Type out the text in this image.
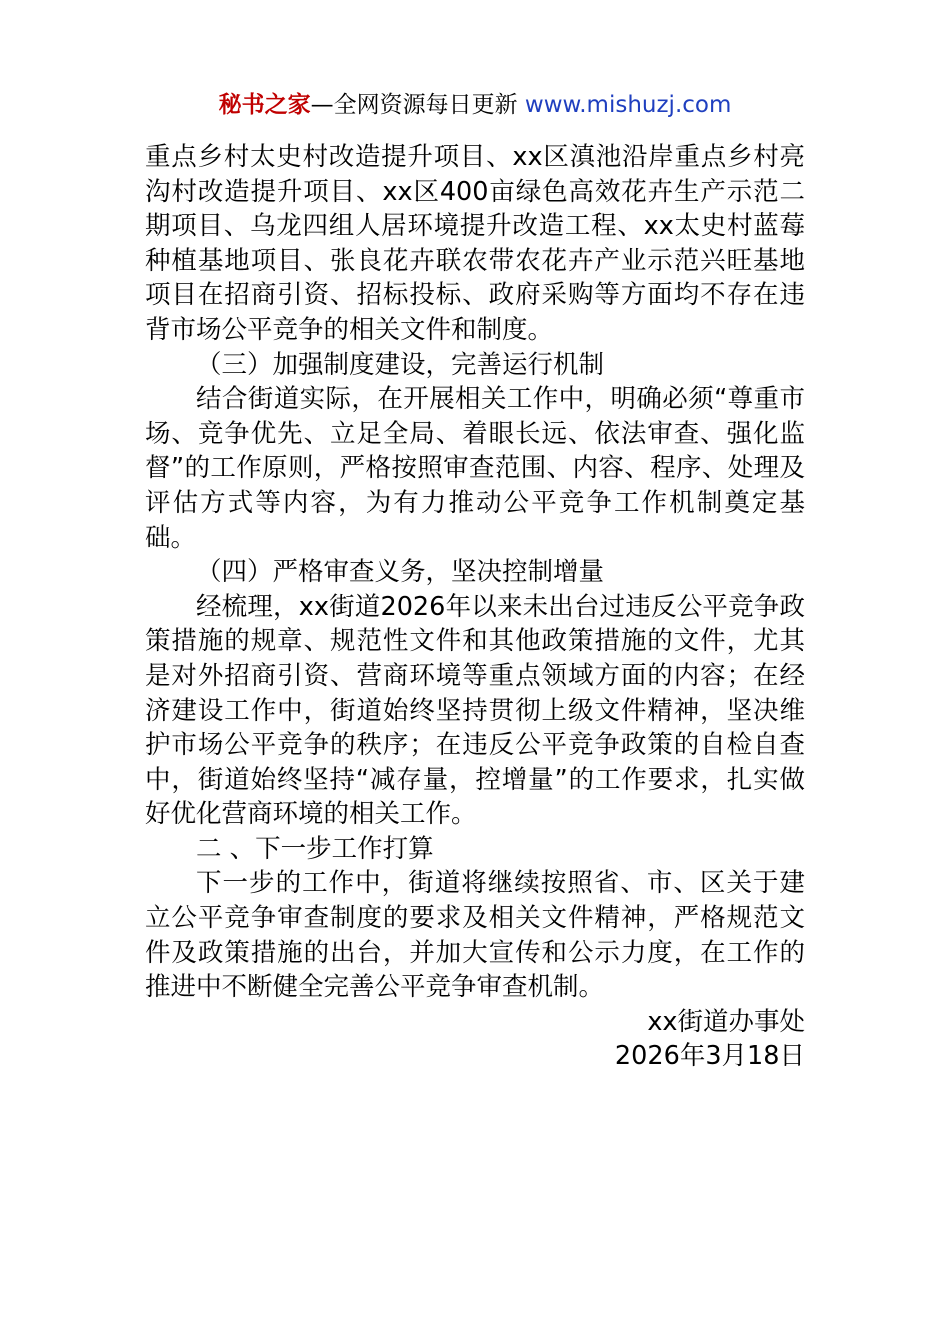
秘书之家—全网资源每日更新 www.mishuzj.com

重点乡村太史村改造提升项目、xx区滇池沿岸重点乡村亮沟村改造提升项目、xx区400亩绿色高效花卉生产示范二期项目、乌龙四组人居环境提升改造工程、xx太史村蓝莓种植基地项目、张良花卉联农带农花卉产业示范兴旺基地项目在招商引资、招标投标、政府采购等方面均不存在违背市场公平竞争的相关文件和制度。

（三）加强制度建设，完善运行机制

结合街道实际，在开展相关工作中，明确必须“尊重市场、竞争优先、立足全局、着眼长远、依法审查、强化监督”的工作原则，严格按照审查范围、内容、程序、处理及评估方式等内容，为有力推动公平竞争工作机制奠定基础。

（四）严格审查义务，坚决控制增量

经梳理，xx街道2026年以来未出台过违反公平竞争政策措施的规章、规范性文件和其他政策措施的文件，尤其是对外招商引资、营商环境等重点领域方面的内容；在经济建设工作中，街道始终坚持贯彻上级文件精神，坚决维护市场公平竞争的秩序；在违反公平竞争政策的自检自查中，街道始终坚持“减存量，控增量”的工作要求，扎实做好优化营商环境的相关工作。

二 、下一步工作打算

下一步的工作中，街道将继续按照省、市、区关于建立公平竞争审查制度的要求及相关文件精神，严格规范文件及政策措施的出台，并加大宣传和公示力度，在工作的推进中不断健全完善公平竞争审查机制。

xx街道办事处

2026年3月18日
